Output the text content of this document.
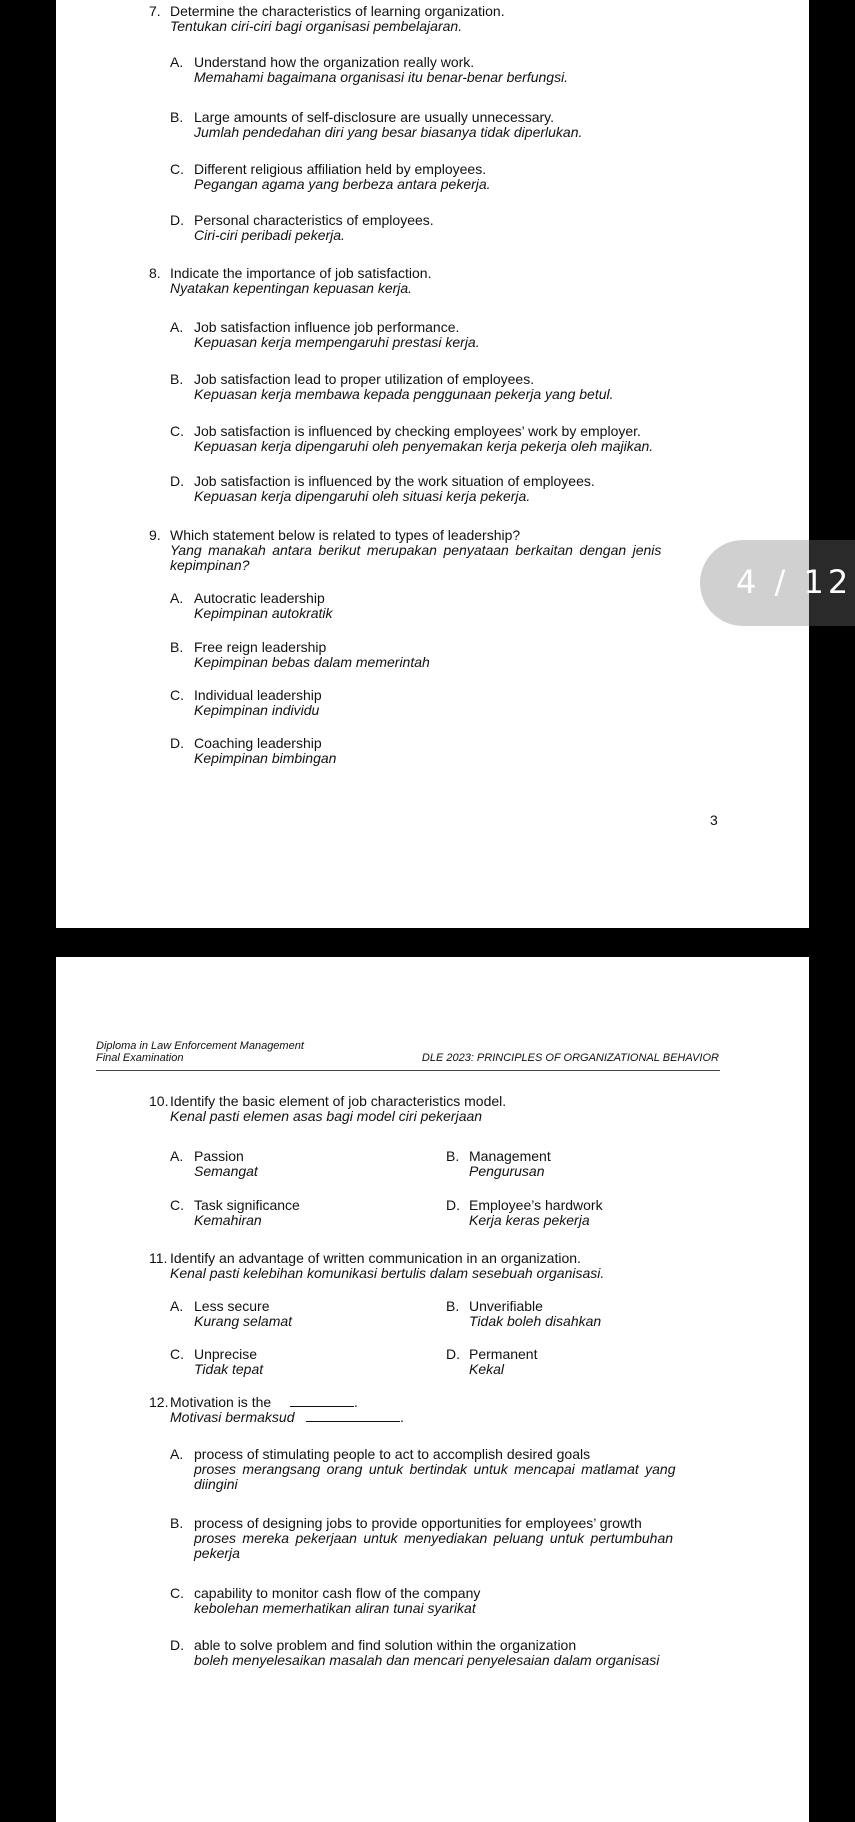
7. Determine the characteristics of learning organization.
Tentukan ciri-ciri bagi organisasi pembelajaran.
A. Understand how the organization really work.
Memahami bagaimana organisasi itu benar-benar berfungsi.
B. Large amounts of self-disclosure are usually unnecessary.
Jumlah pendedahan diri yang besar biasanya tidak diperlukan.
C. Different religious affiliation held by employees.
Pegangan agama yang berbeza antara pekerja.
D. Personal characteristics of employees.
Ciri-ciri peribadi pekerja.
8. Indicate the importance of job satisfaction.
Nyatakan kepentingan kepuasan kerja.
A. Job satisfaction influence job performance.
Kepuasan kerja mempengaruhi prestasi kerja.
B. Job satisfaction lead to proper utilization of employees.
Kepuasan kerja membawa kepada penggunaan pekerja yang betul.
C. Job satisfaction is influenced by checking employees’ work by employer.
Kepuasan kerja dipengaruhi oleh penyemakan kerja pekerja oleh majikan.
D. Job satisfaction is influenced by the work situation of employees.
Kepuasan kerja dipengaruhi oleh situasi kerja pekerja.
9. Which statement below is related to types of leadership?
Yang manakah antara berikut merupakan penyataan berkaitan dengan jenis
kepimpinan?
A. Autocratic leadership
Kepimpinan autokratik
B. Free reign leadership
Kepimpinan bebas dalam memerintah
C. Individual leadership
Kepimpinan individu
D. Coaching leadership
Kepimpinan bimbingan
3
4 / 12
Diploma in Law Enforcement Management
Final Examination	DLE 2023: PRINCIPLES OF ORGANIZATIONAL BEHAVIOR
10. Identify the basic element of job characteristics model.
Kenal pasti elemen asas bagi model ciri pekerjaan
A. Passion
Semangat
B. Management
Pengurusan
C. Task significance
Kemahiran
D. Employee’s hardwork
Kerja keras pekerja
11. Identify an advantage of written communication in an organization.
Kenal pasti kelebihan komunikasi bertulis dalam sesebuah organisasi.
A. Less secure
Kurang selamat
B. Unverifiable
Tidak boleh disahkan
C. Unprecise
Tidak tepat
D. Permanent
Kekal
12. Motivation is the	.
Motivasi bermaksud	.
A. process of stimulating people to act to accomplish desired goals
proses merangsang orang untuk bertindak untuk mencapai matlamat yang
diingini
B. process of designing jobs to provide opportunities for employees’ growth
proses mereka pekerjaan untuk menyediakan peluang untuk pertumbuhan
pekerja
C. capability to monitor cash flow of the company
kebolehan memerhatikan aliran tunai syarikat
D. able to solve problem and find solution within the organization
boleh menyelesaikan masalah dan mencari penyelesaian dalam organisasi
